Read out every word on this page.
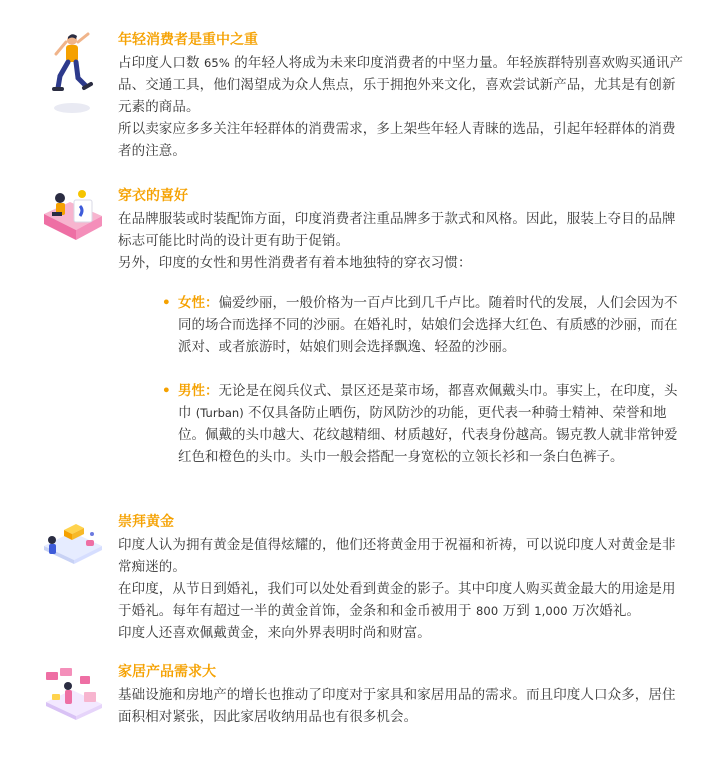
年轻消费者是重中之重

占印度人口数 65% 的年轻人将成为未来印度消费者的中坚力量。年轻族群特别喜欢购买通讯产品、交通工具，他们渴望成为众人焦点，乐于拥抱外来文化，喜欢尝试新产品，尤其是有创新元素的商品。

所以卖家应多多关注年轻群体的消费需求，多上架些年轻人青睐的选品，引起年轻群体的消费者的注意。

穿衣的喜好

在品牌服装或时装配饰方面，印度消费者注重品牌多于款式和风格。因此，服装上夺目的品牌标志可能比时尚的设计更有助于促销。

另外，印度的女性和男性消费者有着本地独特的穿衣习惯：

• 女性：偏爱纱丽，一般价格为一百卢比到几千卢比。随着时代的发展，人们会因为不同的场合而选择不同的沙丽。在婚礼时，姑娘们会选择大红色、有质感的沙丽，而在派对、或者旅游时，姑娘们则会选择飘逸、轻盈的沙丽。
• 男性：无论是在阅兵仪式、景区还是菜市场，都喜欢佩戴头巾。事实上，在印度，头巾 (Turban) 不仅具备防止晒伤，防风防沙的功能，更代表一种骑士精神、荣誉和地位。佩戴的头巾越大、花纹越精细、材质越好，代表身份越高。锡克教人就非常钟爱红色和橙色的头巾。头巾一般会搭配一身宽松的立领长衫和一条白色裤子。

崇拜黄金

印度人认为拥有黄金是值得炫耀的，他们还将黄金用于祝福和祈祷，可以说印度人对黄金是非常痴迷的。

在印度，从节日到婚礼，我们可以处处看到黄金的影子。其中印度人购买黄金最大的用途是用于婚礼。每年有超过一半的黄金首饰，金条和和金币被用于 800 万到 1,000 万次婚礼。

印度人还喜欢佩戴黄金，来向外界表明时尚和财富。

家居产品需求大

基础设施和房地产的增长也推动了印度对于家具和家居用品的需求。而且印度人口众多，居住面积相对紧张，因此家居收纳用品也有很多机会。
